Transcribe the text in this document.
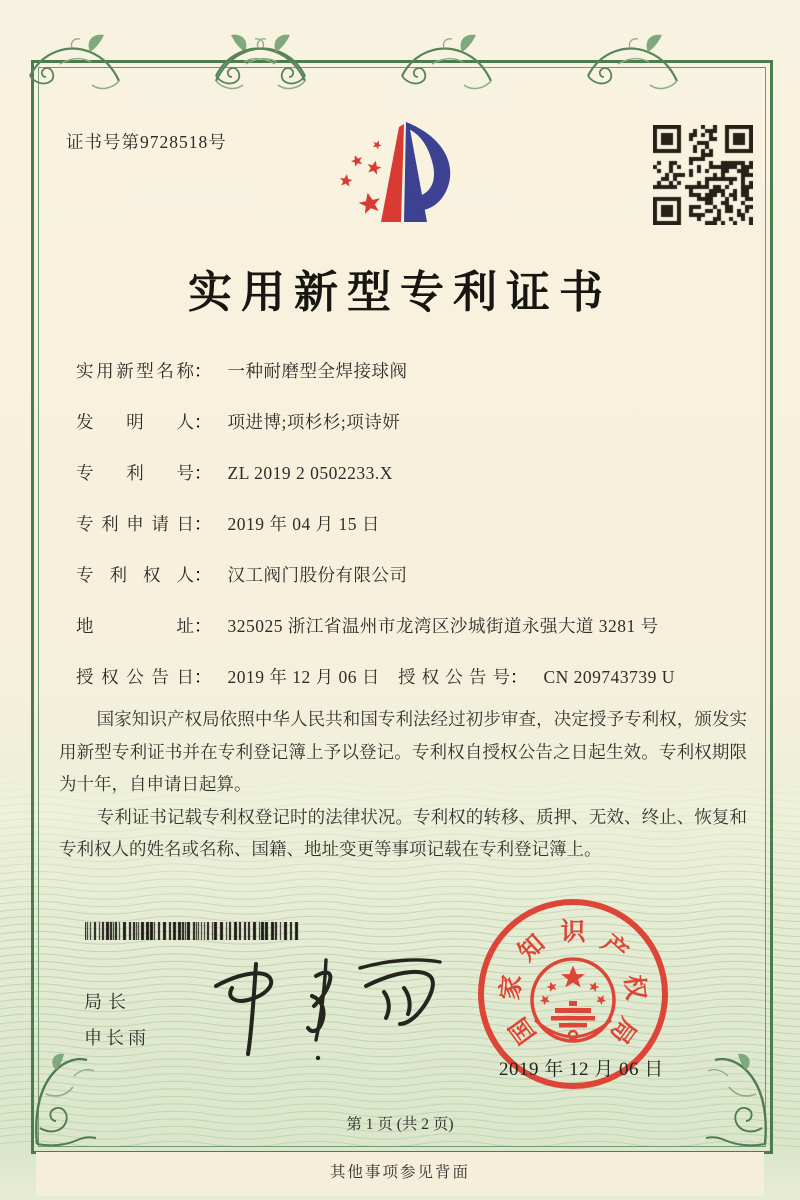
证书号第9728518号
实用新型专利证书
实用新型名称： 一种耐磨型全焊接球阀
发明人： 项进博;项杉杉;项诗妍
专利号： ZL 2019 2 0502233.X
专利申请日： 2019 年 04 月 15 日
专利权人： 汉工阀门股份有限公司
地址： 325025 浙江省温州市龙湾区沙城街道永强大道 3281 号
授权公告日： 2019 年 12 月 06 日 授权公告号： CN 209743739 U

国家知识产权局依照中华人民共和国专利法经过初步审查，决定授予专利权，颁发实用新型专利证书并在专利登记簿上予以登记。专利权自授权公告之日起生效。专利权期限为十年，自申请日起算。

专利证书记载专利权登记时的法律状况。专利权的转移、质押、无效、终止、恢复和专利权人的姓名或名称、国籍、地址变更等事项记载在专利登记簿上。

局长
申长雨	国
家
知 识 产
权
局
2019 年 12 月 06 日
第 1 页 (共 2 页)
其他事项参见背面
